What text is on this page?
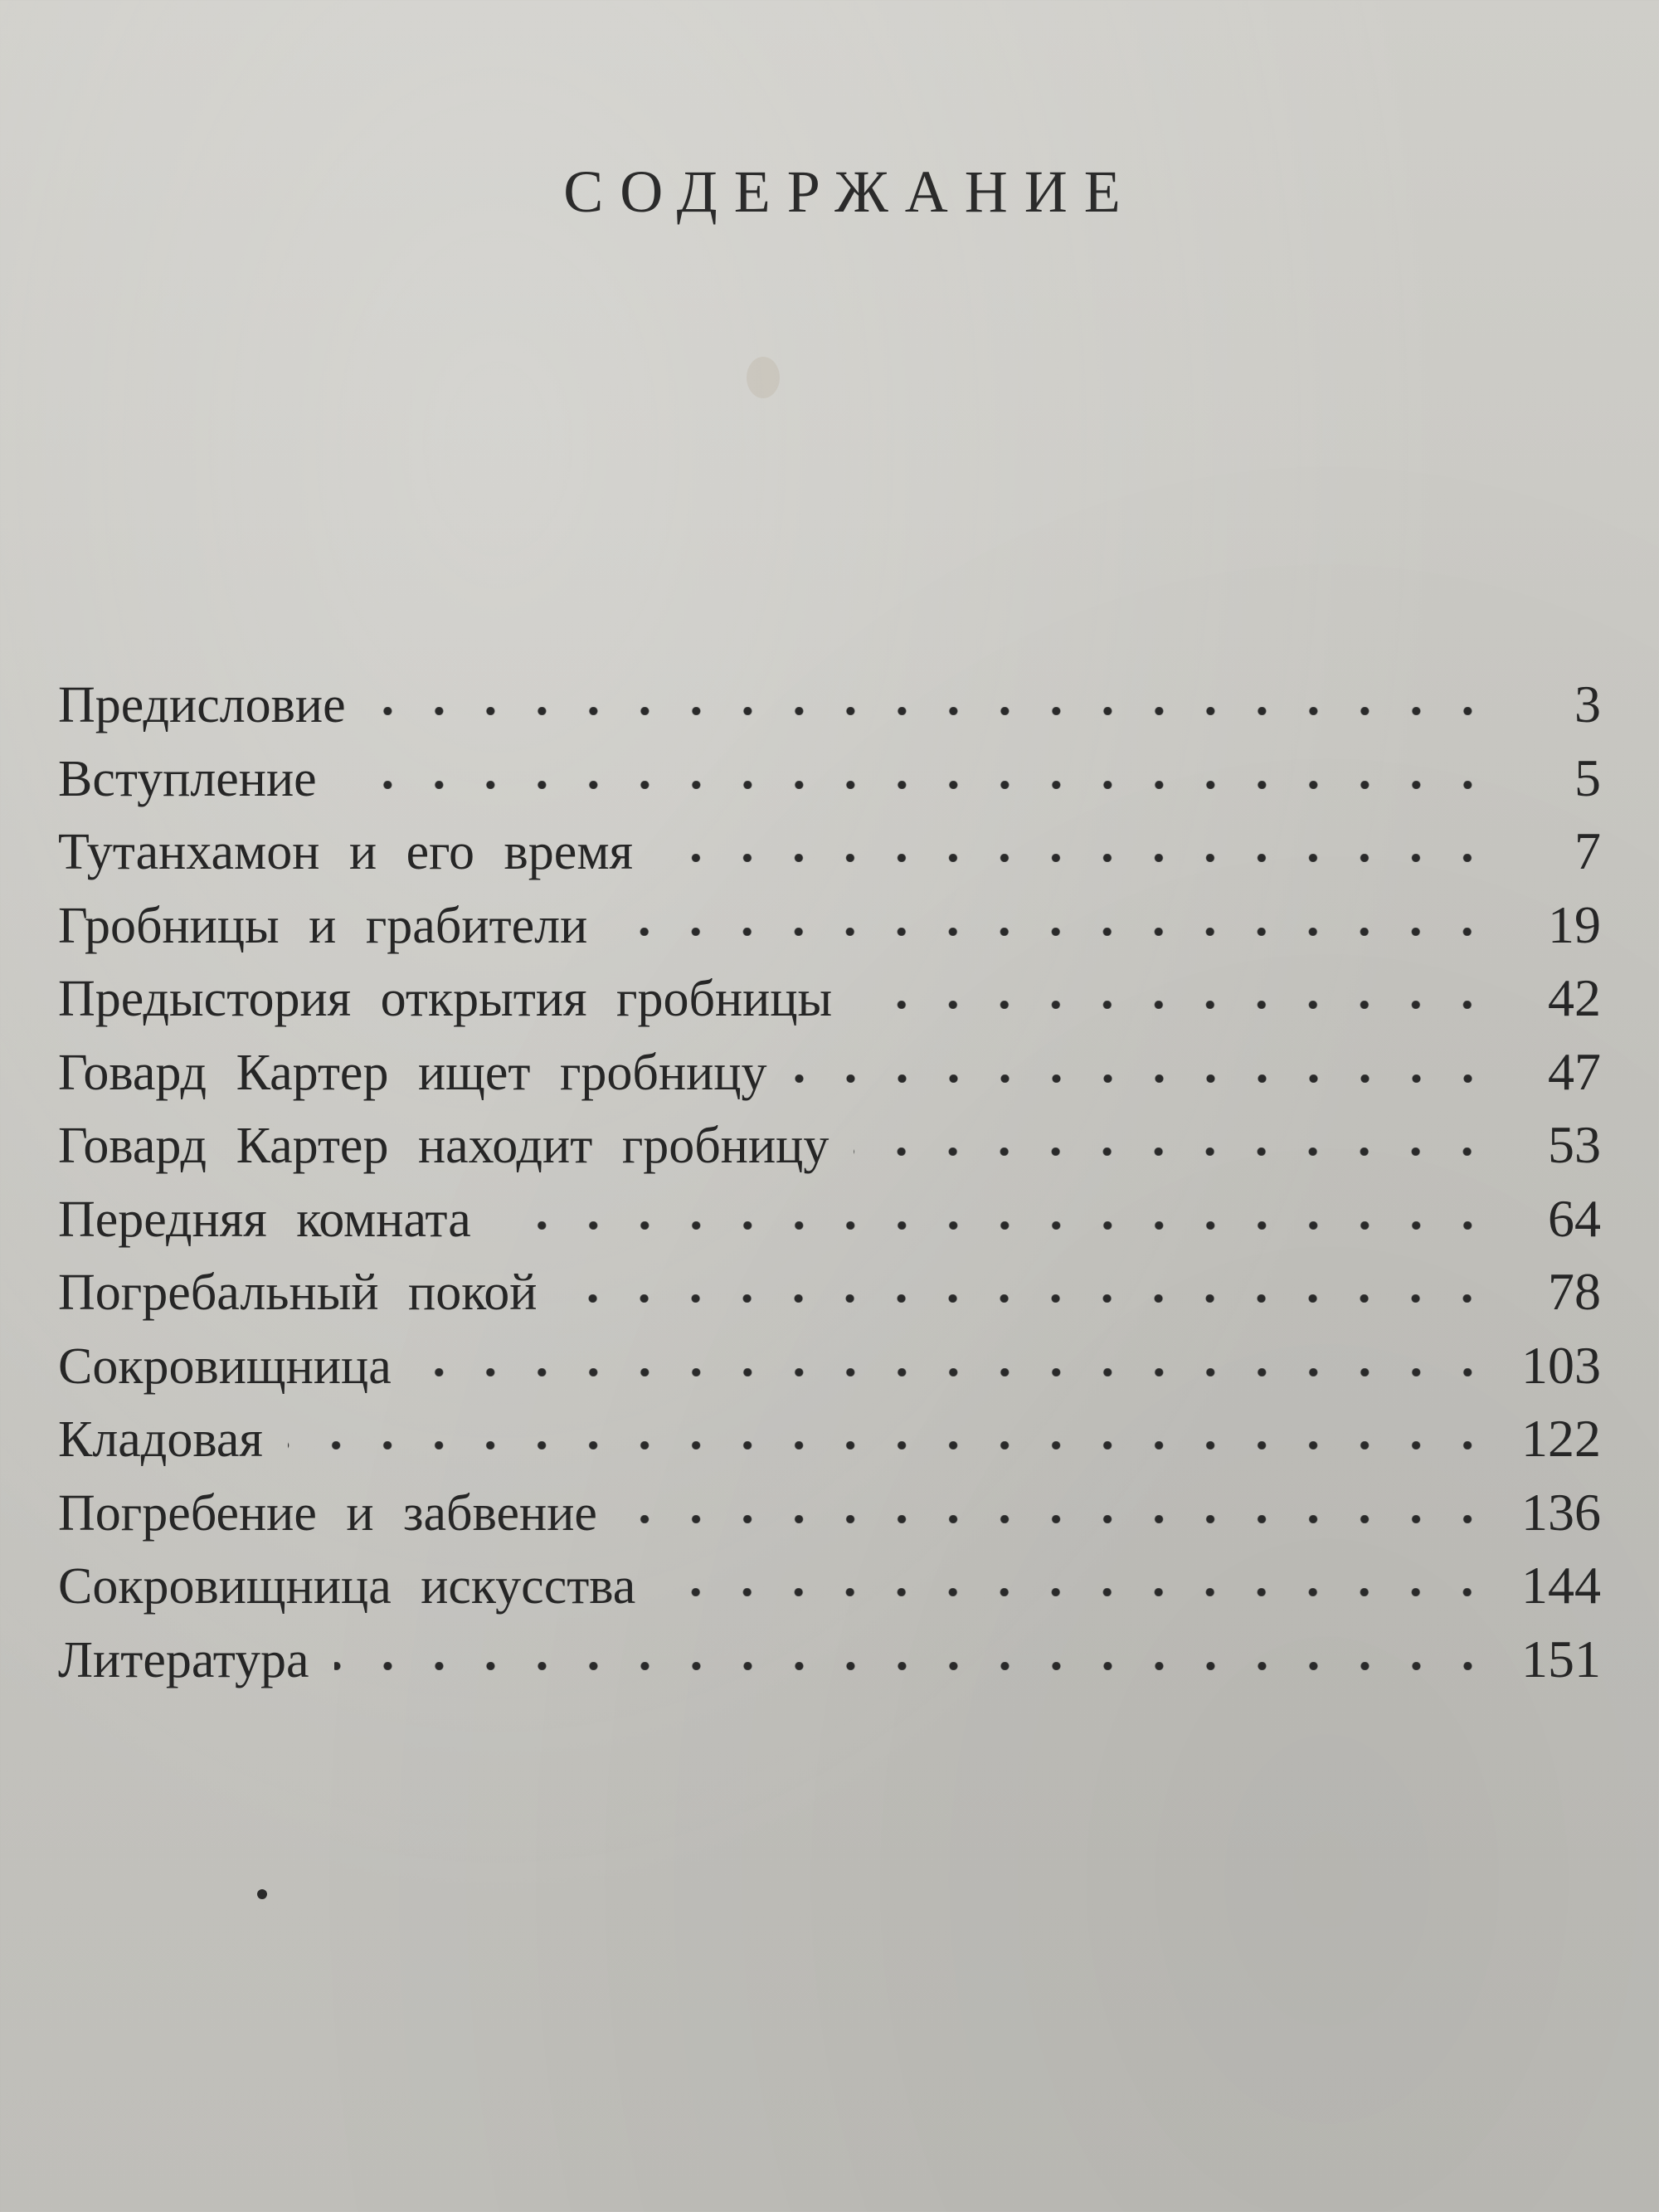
СОДЕРЖАНИЕ
Предисловие	3
Вступление	5
Тутанхамон и его время	7
Гробницы и грабители	19
Предыстория открытия гробницы	42
Говард Картер ищет гробницу	47
Говард Картер находит гробницу	53
Передняя комната	64
Погребальный покой	78
Сокровищница	103
Кладовая	122
Погребение и забвение	136
Сокровищница искусства	144
Литература	151
